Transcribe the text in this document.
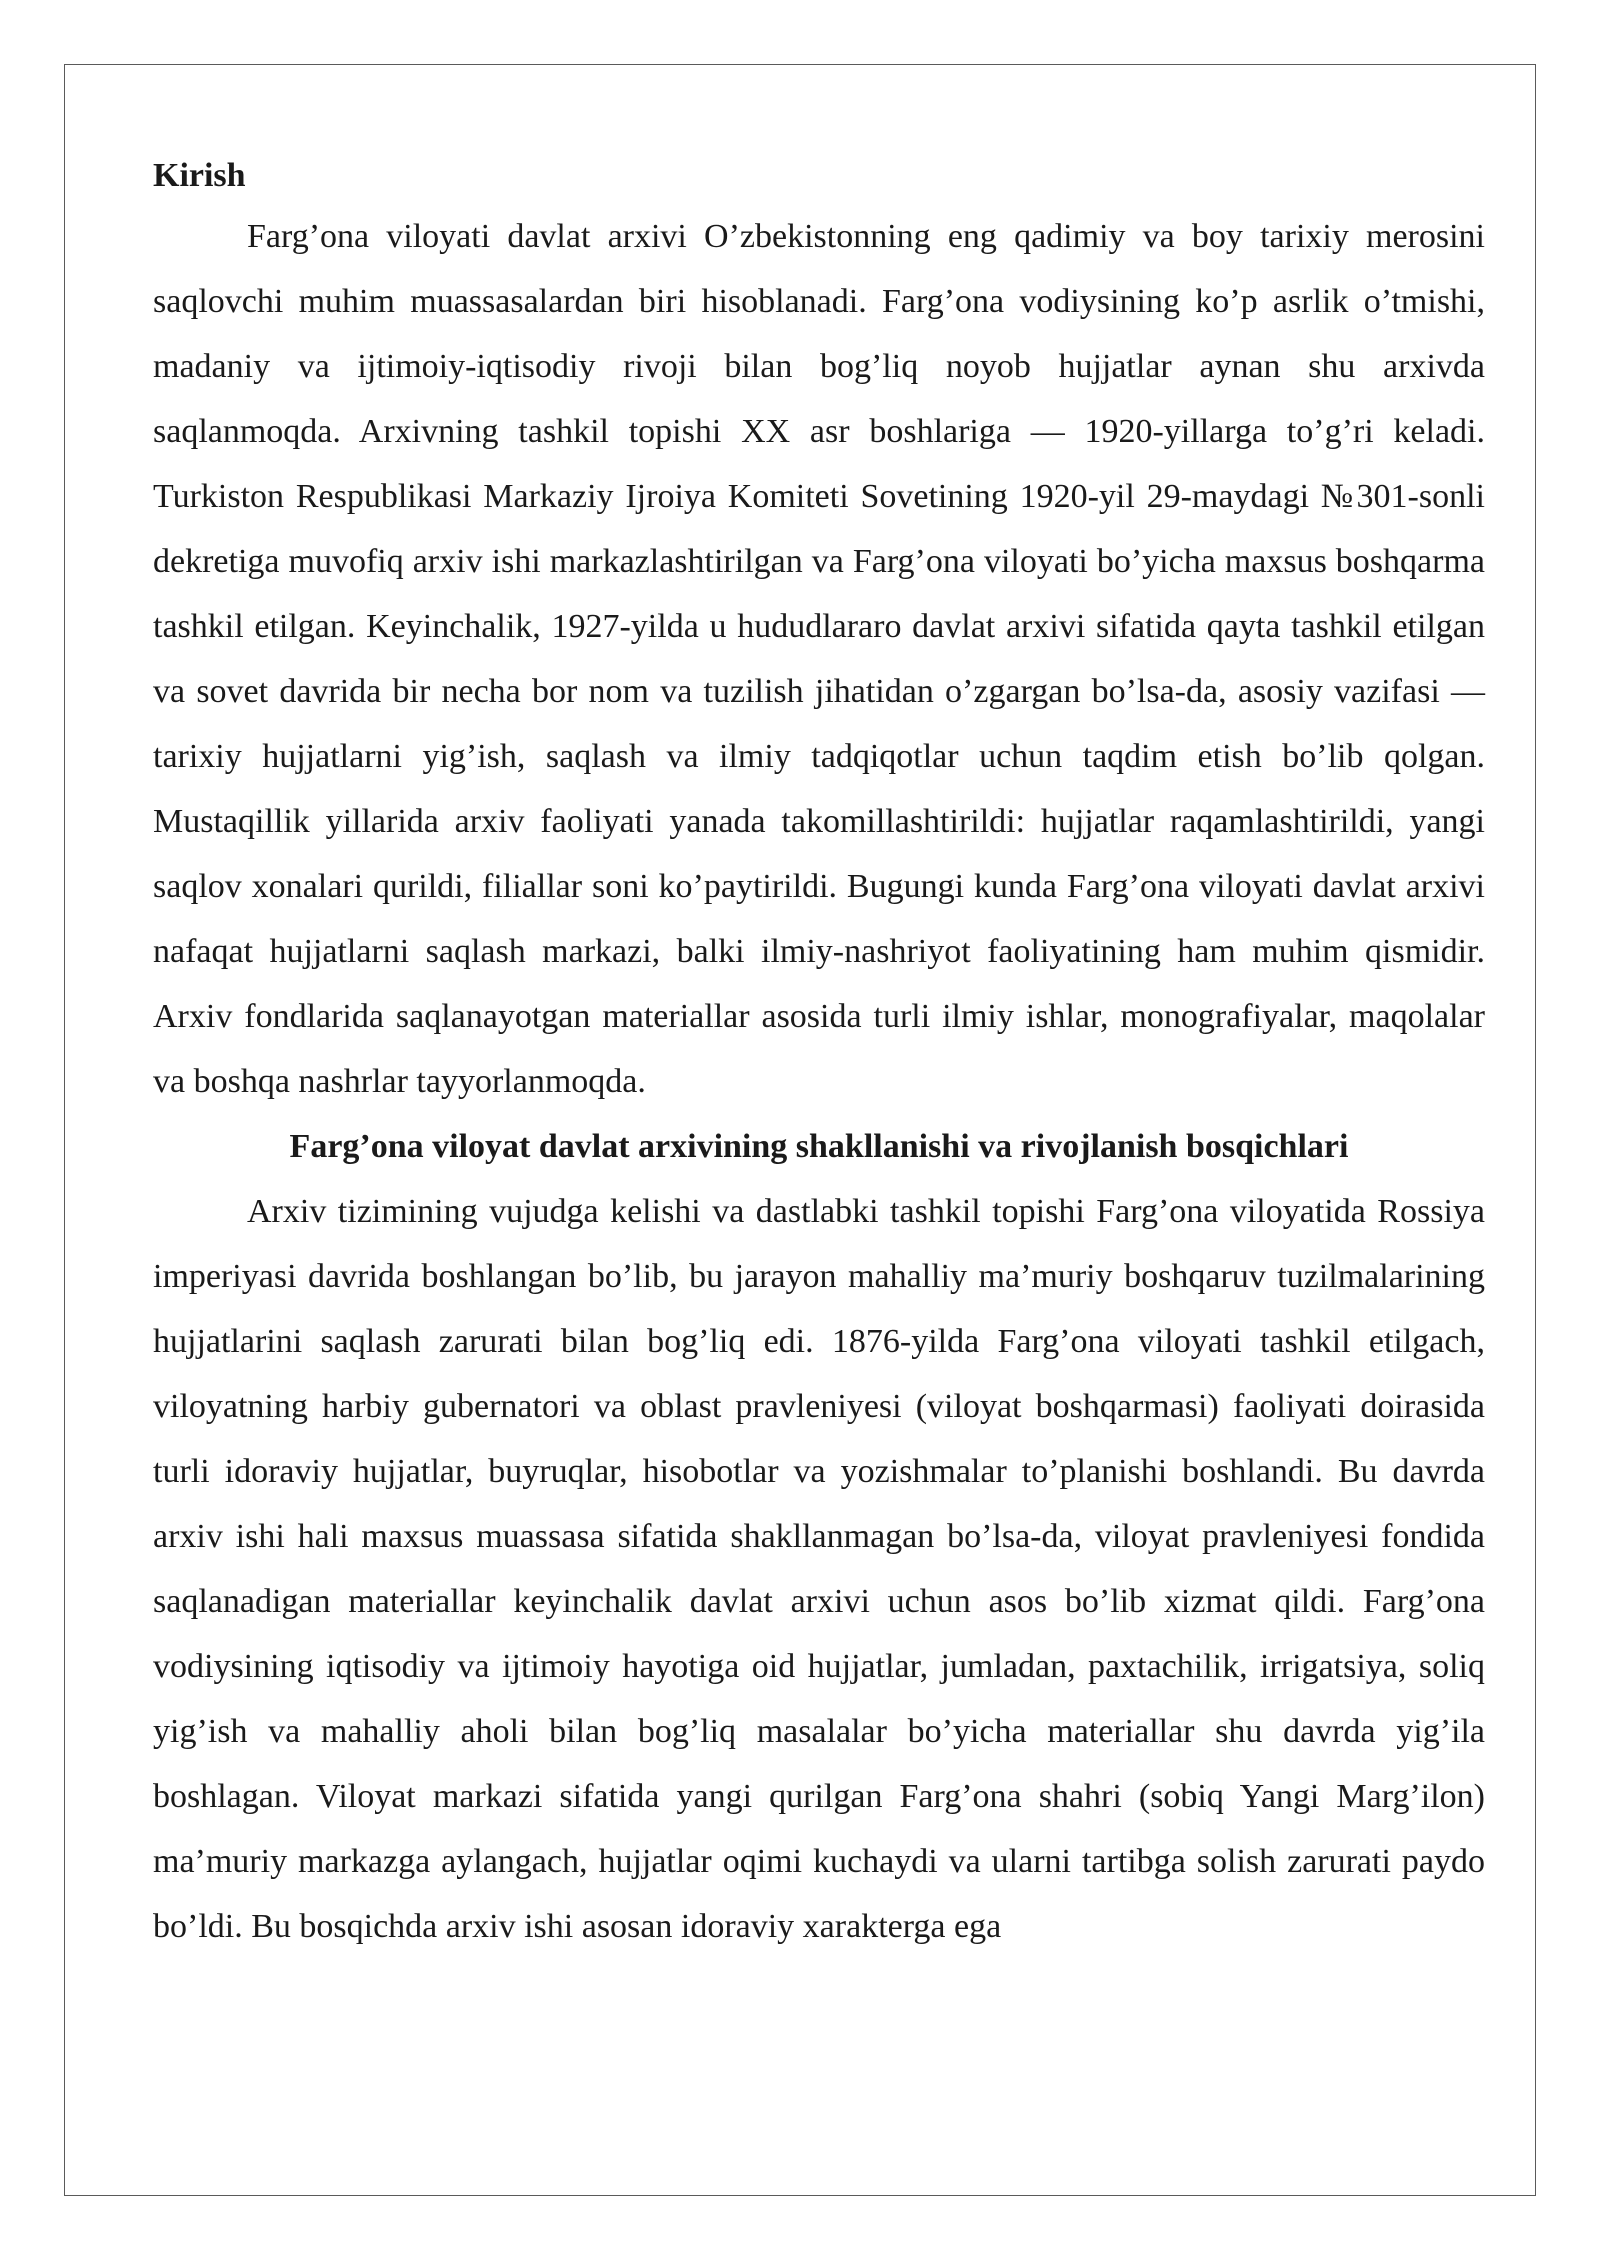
Kirish

Farg’ona viloyati davlat arxivi O’zbekistonning eng qadimiy va boy tarixiy merosini saqlovchi muhim muassasalardan biri hisoblanadi. Farg’ona vodiysining ko’p asrlik o’tmishi, madaniy va ijtimoiy-iqtisodiy rivoji bilan bog’liq noyob hujjatlar aynan shu arxivda saqlanmoqda. Arxivning tashkil topishi XX asr boshlariga — 1920-yillarga to’g’ri keladi. Turkiston Respublikasi Markaziy Ijroiya Komiteti Sovetining 1920-yil 29-maydagi №301-sonli dekretiga muvofiq arxiv ishi markazlashtirilgan va Farg’ona viloyati bo’yicha maxsus boshqarma tashkil etilgan. Keyinchalik, 1927-yilda u hududlararo davlat arxivi sifatida qayta tashkil etilgan va sovet davrida bir necha bor nom va tuzilish jihatidan o’zgargan bo’lsa-da, asosiy vazifasi — tarixiy hujjatlarni yig’ish, saqlash va ilmiy tadqiqotlar uchun taqdim etish bo’lib qolgan. Mustaqillik yillarida arxiv faoliyati yanada takomillashtirildi: hujjatlar raqamlashtirildi, yangi saqlov xonalari qurildi, filiallar soni ko’paytirildi. Bugungi kunda Farg’ona viloyati davlat arxivi nafaqat hujjatlarni saqlash markazi, balki ilmiy-nashriyot faoliyatining ham muhim qismidir. Arxiv fondlarida saqlanayotgan materiallar asosida turli ilmiy ishlar, monografiyalar, maqolalar va boshqa nashrlar tayyorlanmoqda.

Farg’ona viloyat davlat arxivining shakllanishi va rivojlanish bosqichlari

Arxiv tizimining vujudga kelishi va dastlabki tashkil topishi Farg’ona viloyatida Rossiya imperiyasi davrida boshlangan bo’lib, bu jarayon mahalliy ma’muriy boshqaruv tuzilmalarining hujjatlarini saqlash zarurati bilan bog’liq edi. 1876-yilda Farg’ona viloyati tashkil etilgach, viloyatning harbiy gubernatori va oblast pravleniyesi (viloyat boshqarmasi) faoliyati doirasida turli idoraviy hujjatlar, buyruqlar, hisobotlar va yozishmalar to’planishi boshlandi. Bu davrda arxiv ishi hali maxsus muassasa sifatida shakllanmagan bo’lsa-da, viloyat pravleniyesi fondida saqlanadigan materiallar keyinchalik davlat arxivi uchun asos bo’lib xizmat qildi. Farg’ona vodiysining iqtisodiy va ijtimoiy hayotiga oid hujjatlar, jumladan, paxtachilik, irrigatsiya, soliq yig’ish va mahalliy aholi bilan bog’liq masalalar bo’yicha materiallar shu davrda yig’ila boshlagan. Viloyat markazi sifatida yangi qurilgan Farg’ona shahri (sobiq Yangi Marg’ilon) ma’muriy markazga aylangach, hujjatlar oqimi kuchaydi va ularni tartibga solish zarurati paydo bo’ldi. Bu bosqichda arxiv ishi asosan idoraviy xarakterga ega
